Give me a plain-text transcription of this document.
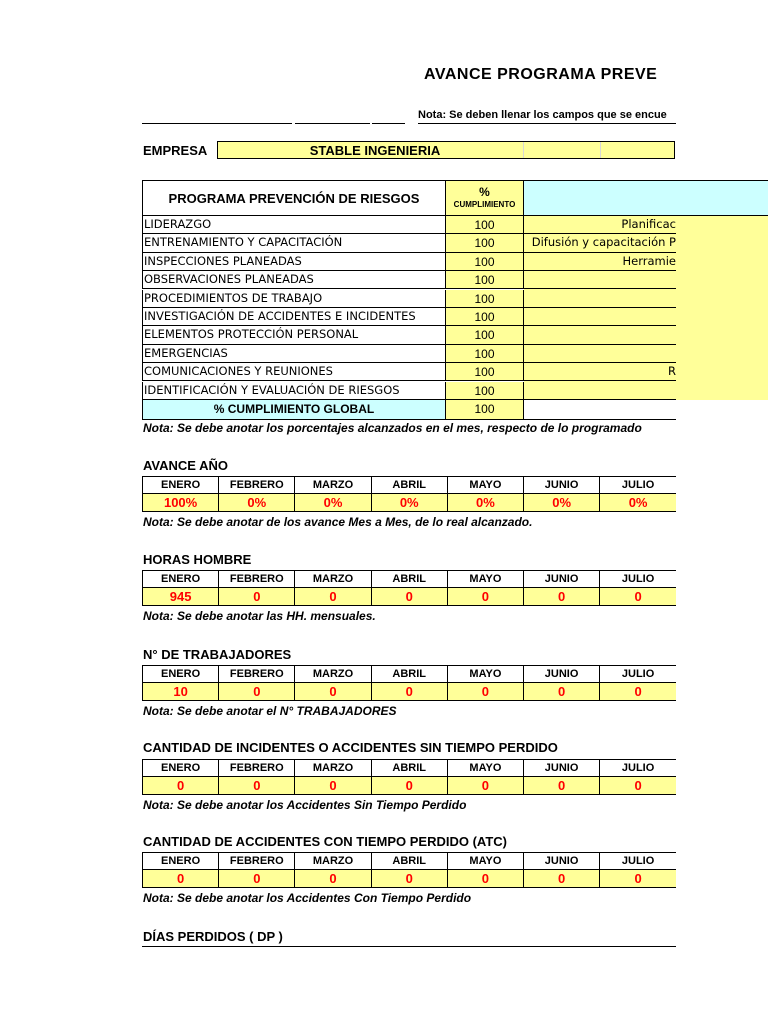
AVANCE PROGRAMA PREVE
Nota: Se deben llenar los campos que se encue
EMPRESA	STABLE INGENIERIA
PROGRAMA PREVENCIÓN DE RIESGOS	%
CUMPLIMIENTO
LIDERAZGO	100	Planificac
ENTRENAMIENTO Y CAPACITACIÓN	100	Difusión y capacitación P
INSPECCIONES PLANEADAS	100	Herramie
OBSERVACIONES PLANEADAS	100
PROCEDIMIENTOS DE TRABAJO	100
INVESTIGACIÓN DE ACCIDENTES E INCIDENTES	100
ELEMENTOS PROTECCIÓN PERSONAL	100
EMERGENCIAS	100
COMUNICACIONES Y REUNIONES	100	R
IDENTIFICACIÓN Y EVALUACIÓN DE RIESGOS	100
% CUMPLIMIENTO GLOBAL	100
Nota: Se debe anotar los porcentajes alcanzados en el mes, respecto de lo programado
AVANCE AÑO
ENERO	FEBRERO	MARZO	ABRIL	MAYO	JUNIO	JULIO
100%	0%	0%	0%	0%	0%	0%
Nota: Se debe anotar de los avance Mes a Mes, de lo real alcanzado.
HORAS HOMBRE
ENERO	FEBRERO	MARZO	ABRIL	MAYO	JUNIO	JULIO
945	0	0	0	0	0	0
Nota: Se debe anotar las HH. mensuales.
N° DE TRABAJADORES
ENERO	FEBRERO	MARZO	ABRIL	MAYO	JUNIO	JULIO
10	0	0	0	0	0	0
Nota: Se debe anotar el N° TRABAJADORES
CANTIDAD DE INCIDENTES O ACCIDENTES SIN TIEMPO PERDIDO
ENERO	FEBRERO	MARZO	ABRIL	MAYO	JUNIO	JULIO
0	0	0	0	0	0	0
Nota: Se debe anotar los Accidentes Sin Tiempo Perdido
CANTIDAD DE ACCIDENTES CON TIEMPO PERDIDO (ATC)
ENERO	FEBRERO	MARZO	ABRIL	MAYO	JUNIO	JULIO
0	0	0	0	0	0	0
Nota: Se debe anotar los Accidentes Con Tiempo Perdido
DÍAS PERDIDOS ( DP )
